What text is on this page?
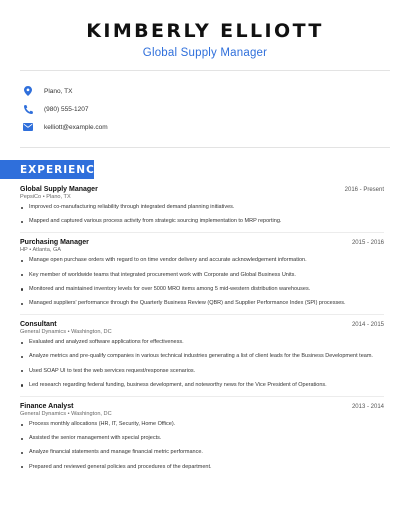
KIMBERLY ELLIOTT
Global Supply Manager
Plano, TX
(980) 555-1207
kelliott@example.com
EXPERIENCE
Global Supply Manager	2016 - Present
PepsiCo • Plano, TX
Improved co-manufacturing reliability through integrated demand planning initiatives.
Mapped and captured various process activity from strategic sourcing implementation to MRP reporting.
Purchasing Manager	2015 - 2016
HP • Atlanta, GA
Manage open purchase orders with regard to on time vendor delivery and accurate acknowledgement information.
Key member of worldwide teams that integrated procurement work with Corporate and Global Business Units.
Monitored and maintained inventory levels for over 5000 MRO items among 5 mid-western distribution warehouses.
Managed suppliers' performance through the Quarterly Business Review (QBR) and Supplier Performance Index (SPI) processes.
Consultant	2014 - 2015
General Dynamics • Washington, DC
Evaluated and analyzed software applications for effectiveness.
Analyze metrics and pre-qualify companies in various technical industries generating a list of client leads for the Business Development team.
Used SOAP UI to test the web services request/response scenarios.
Led research regarding federal funding, business development, and noteworthy news for the Vice President of Operations.
Finance Analyst	2013 - 2014
General Dynamics • Washington, DC
Process monthly allocations (HR, IT, Security, Home Office).
Assisted the senior management with special projects.
Analyze financial statements and manage financial metric performance.
Prepared and reviewed general policies and procedures of the department.
